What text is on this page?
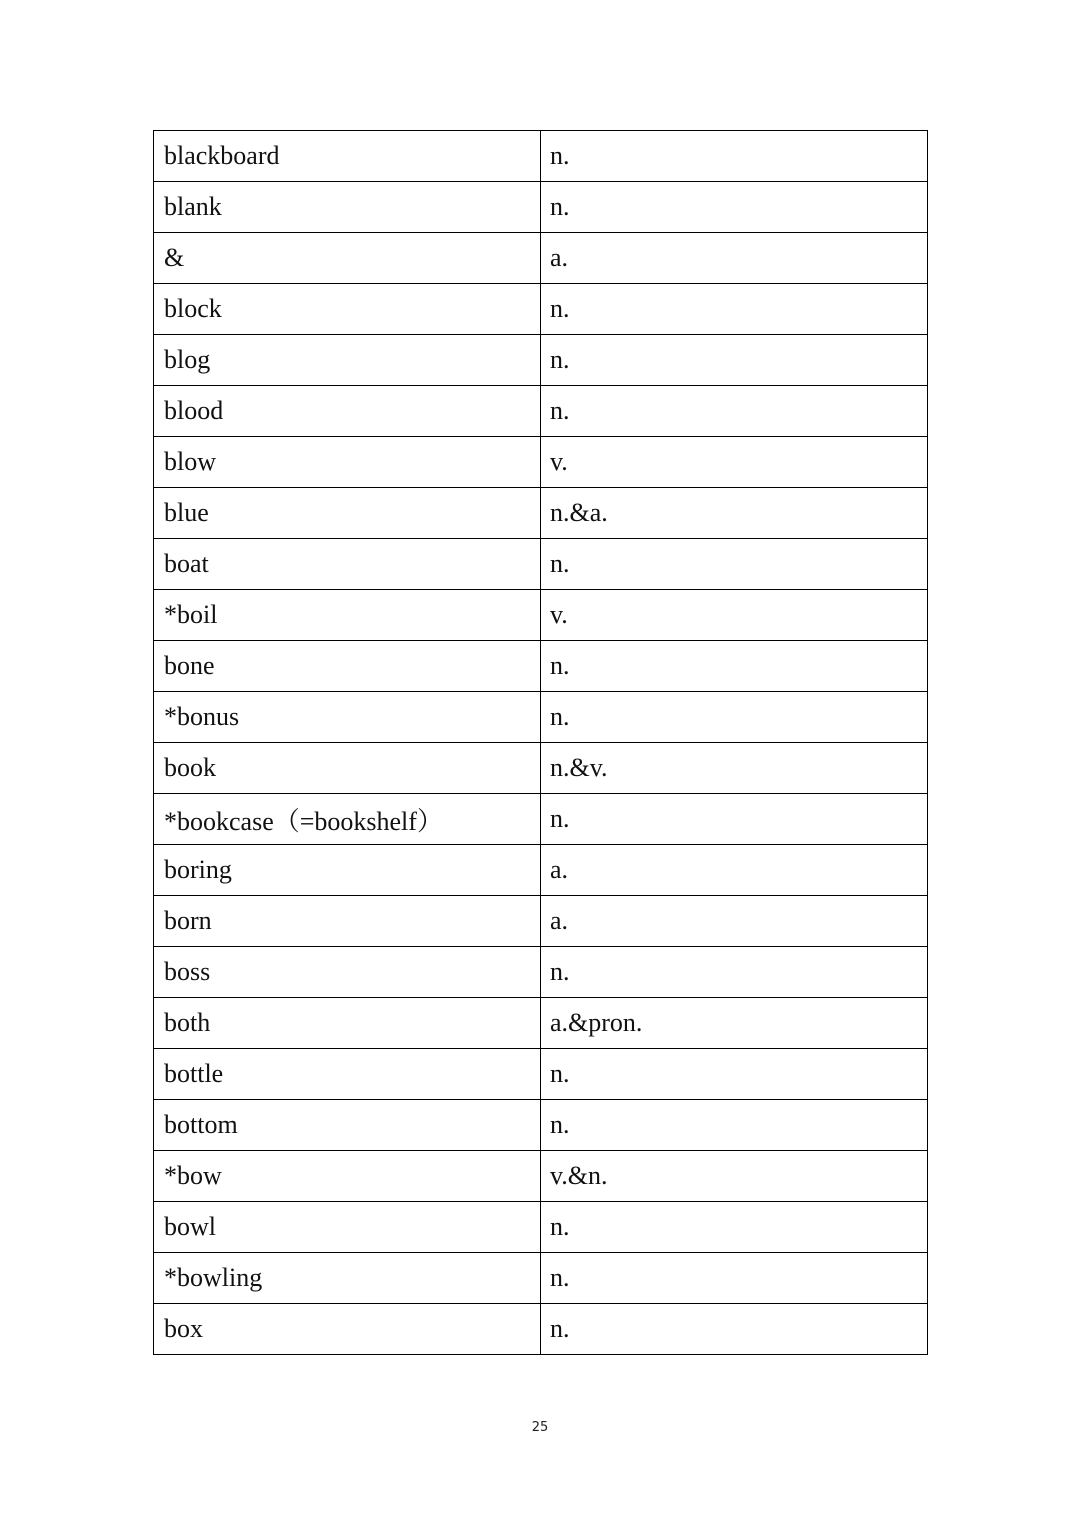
blackboard	n.
blank	n.
&	a.
block	n.
blog	n.
blood	n.
blow	v.
blue	n.&a.
boat	n.
*boil	v.
bone	n.
*bonus	n.
book	n.&v.
*bookcase（=bookshelf）	n.
boring	a.
born	a.
boss	n.
both	a.&pron.
bottle	n.
bottom	n.
*bow	v.&n.
bowl	n.
*bowling	n.
box	n.
25
